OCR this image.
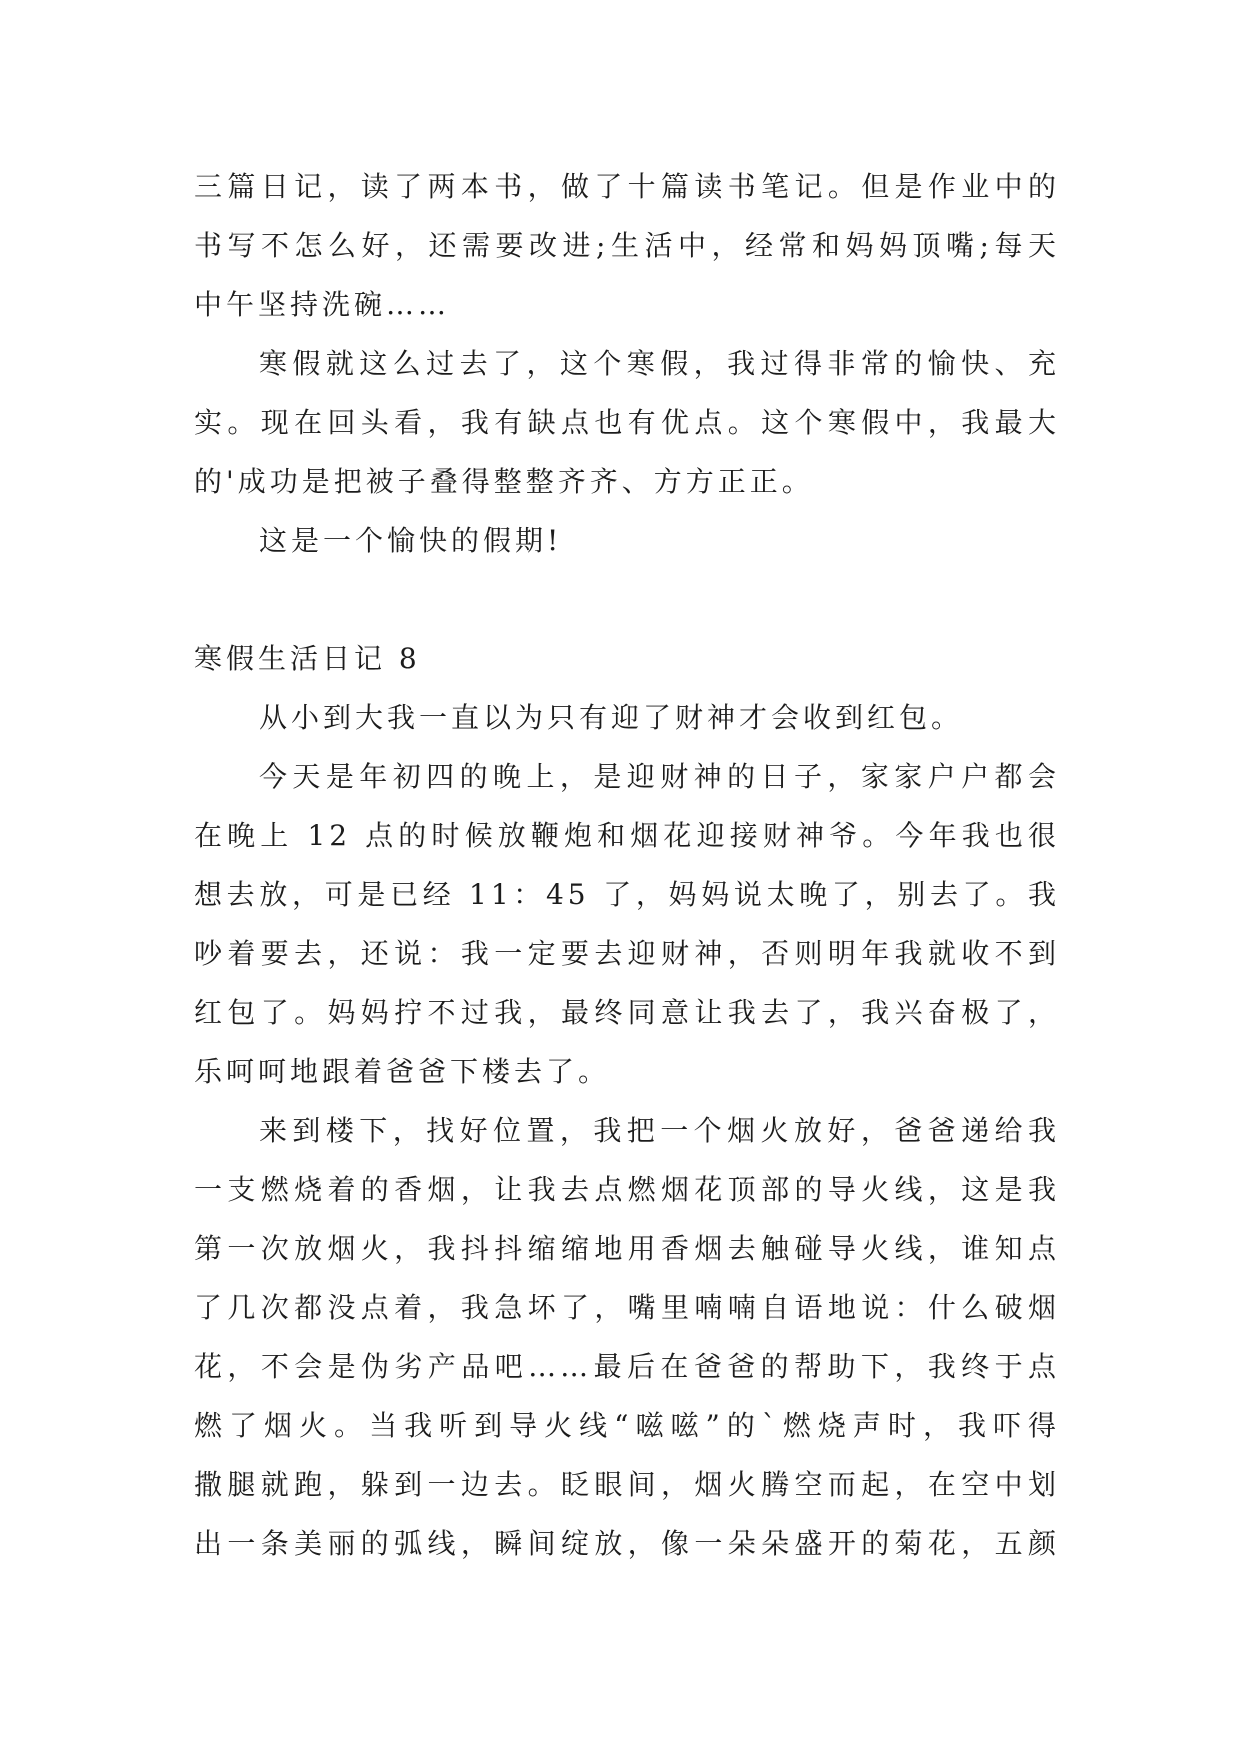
三篇日记，读了两本书，做了十篇读书笔记。但是作业中的
书写不怎么好，还需要改进;生活中，经常和妈妈顶嘴;每天
中午坚持洗碗……
寒假就这么过去了，这个寒假，我过得非常的愉快、充
实。现在回头看，我有缺点也有优点。这个寒假中，我最大
的'成功是把被子叠得整整齐齐、方方正正。
这是一个愉快的假期!
寒假生活日记 8
从小到大我一直以为只有迎了财神才会收到红包。
今天是年初四的晚上，是迎财神的日子，家家户户都会
在晚上 12 点的时候放鞭炮和烟花迎接财神爷。今年我也很
想去放，可是已经 11：45 了，妈妈说太晚了，别去了。我
吵着要去，还说：我一定要去迎财神，否则明年我就收不到
红包了。妈妈拧不过我，最终同意让我去了，我兴奋极了，
乐呵呵地跟着爸爸下楼去了。
来到楼下，找好位置，我把一个烟火放好，爸爸递给我
一支燃烧着的香烟，让我去点燃烟花顶部的导火线，这是我
第一次放烟火，我抖抖缩缩地用香烟去触碰导火线，谁知点
了几次都没点着，我急坏了，嘴里喃喃自语地说：什么破烟
花，不会是伪劣产品吧……最后在爸爸的帮助下，我终于点
燃了烟火。当我听到导火线“嗞嗞”的`燃烧声时，我吓得
撒腿就跑，躲到一边去。眨眼间，烟火腾空而起，在空中划
出一条美丽的弧线，瞬间绽放，像一朵朵盛开的菊花，五颜
